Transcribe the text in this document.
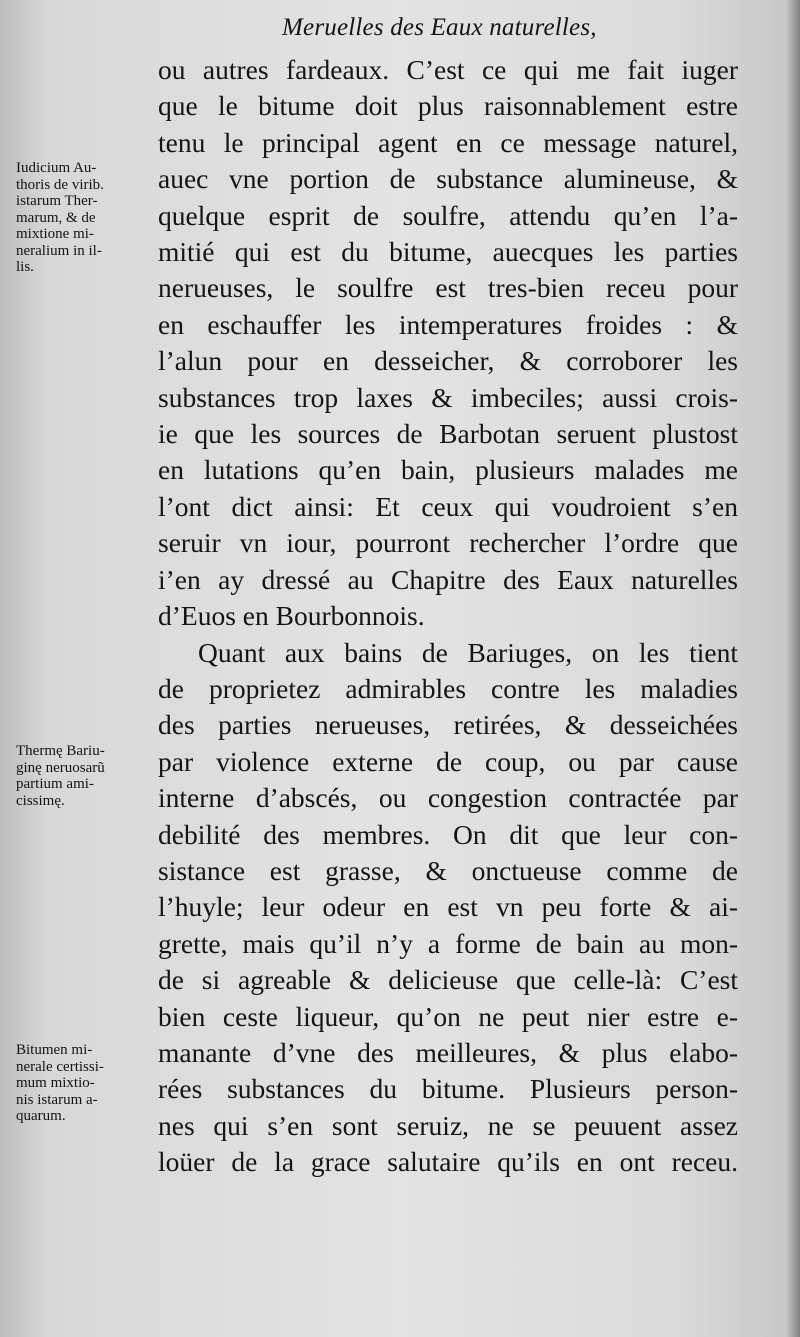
Meruelles des Eaux naturelles,
ou autres fardeaux. C’est ce qui me fait iuger
que le bitume doit plus raisonnablement estre
tenu le principal agent en ce message naturel,
auec vne portion de substance alumineuse, &
quelque esprit de soulfre, attendu qu’en l’a-
mitié qui est du bitume, auecques les parties
nerueuses, le soulfre est tres-bien receu pour
en eschauffer les intemperatures froides : &
l’alun pour en desseicher, & corroborer les
substances trop laxes & imbeciles; aussi crois-
ie que les sources de Barbotan seruent plustost
en lutations qu’en bain, plusieurs malades me
l’ont dict ainsi: Et ceux qui voudroient s’en
seruir vn iour, pourront rechercher l’ordre que
i’en ay dressé au Chapitre des Eaux naturelles
d’Euos en Bourbonnois.
Quant aux bains de Bariuges, on les tient
de proprietez admirables contre les maladies
des parties nerueuses, retirées, & desseichées
par violence externe de coup, ou par cause
interne d’abscés, ou congestion contractée par
debilité des membres. On dit que leur con-
sistance est grasse, & onctueuse comme de
l’huyle; leur odeur en est vn peu forte & ai-
grette, mais qu’il n’y a forme de bain au mon-
de si agreable & delicieuse que celle-là: C’est
bien ceste liqueur, qu’on ne peut nier estre e-
manante d’vne des meilleures, & plus elabo-
rées substances du bitume. Plusieurs person-
nes qui s’en sont seruiz, ne se peuuent assez
loüer de la grace salutaire qu’ils en ont receu.
Iudicium Au-
thoris de virib.
istarum Ther-
marum, & de
mixtione mi-
neralium in il-
lis.
Thermę Bariu-
ginę neruosarũ
partium ami-
cissimę.
Bitumen mi-
nerale certissi-
mum mixtio-
nis istarum a-
quarum.
